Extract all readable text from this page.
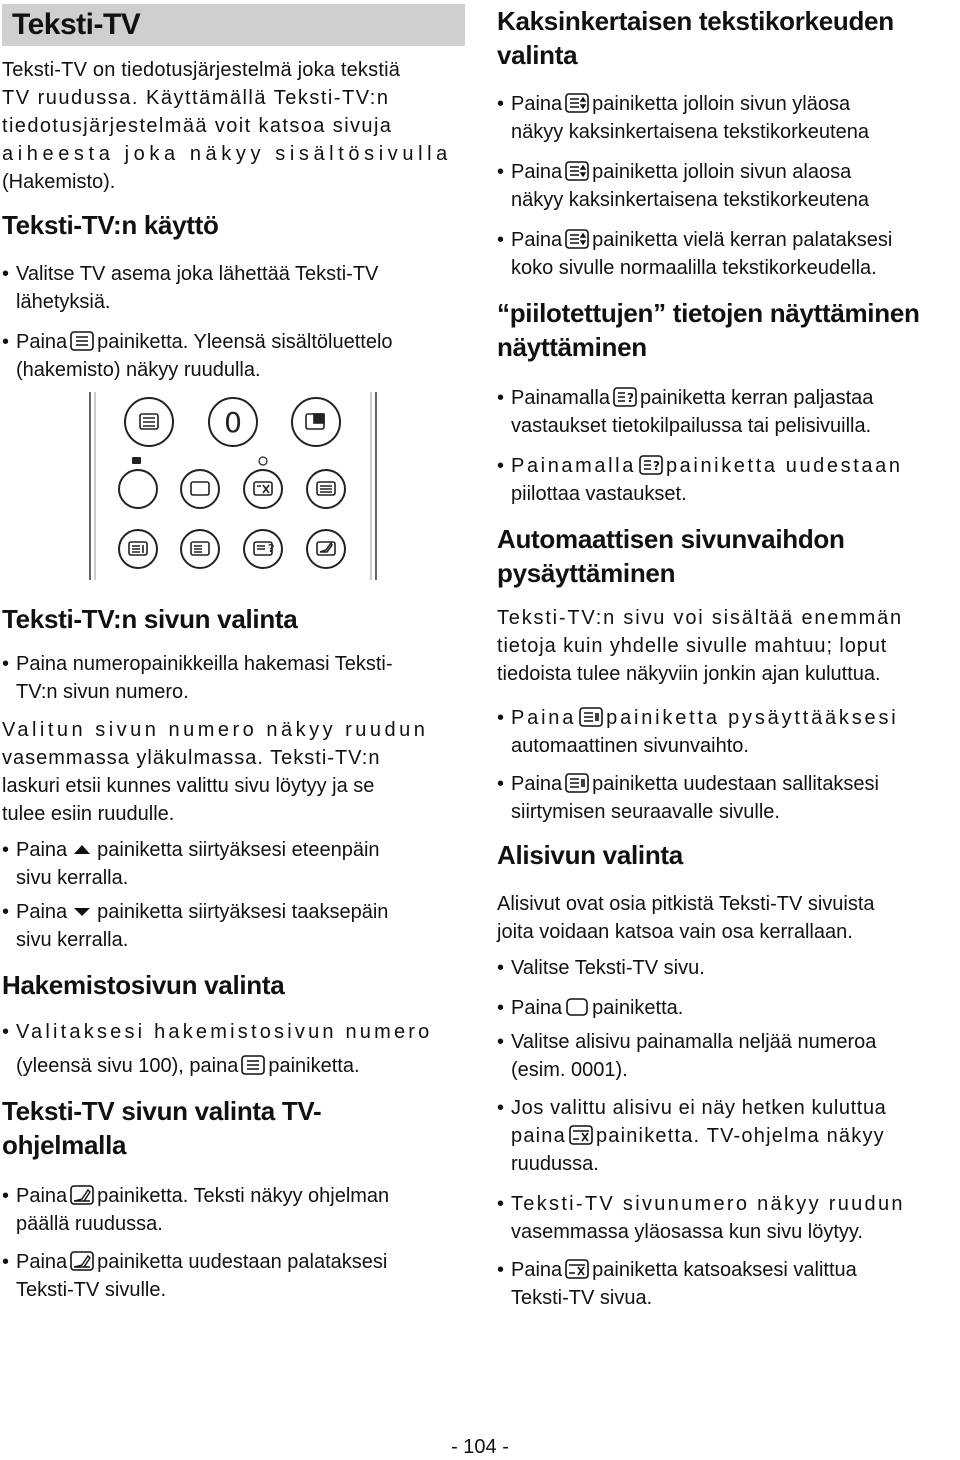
Teksti-TV

Teksti-TV on tiedotusjärjestelmä joka tekstiä

TV ruudussa. Käyttämällä Teksti-TV:n

tiedotusjärjestelmää voit katsoa sivuja

aiheesta joka näkyy sisältösivulla

(Hakemisto).

Teksti-TV:n käyttö
• Valitse TV asema joka lähettää Teksti-TV
lähetyksiä.
• Paina painiketta. Yleensä sisältöluettelo
(hakemisto) näkyy ruudulla.
0
?
Teksti-TV:n sivun valinta
• Paina numeropainikkeilla hakemasi Teksti-
TV:n sivun numero.

Valitun sivun numero näkyy ruudun

vasemmassa yläkulmassa. Teksti-TV:n

laskuri etsii kunnes valittu sivu löytyy ja se

tulee esiin ruudulle.

• Paina painiketta siirtyäksesi eteenpäin
sivu kerralla.
• Paina painiketta siirtyäksesi taaksepäin
sivu kerralla.
Hakemistosivun valinta
• Valitaksesi hakemistosivun numero
(yleensä sivu 100), paina painiketta.
Teksti-TV sivun valinta TV-
ohjelmalla
• Paina painiketta. Teksti näkyy ohjelman
päällä ruudussa.
• Paina painiketta uudestaan palataksesi
Teksti-TV sivulle.
Kaksinkertaisen tekstikorkeuden
valinta
• Paina painiketta jolloin sivun yläosa
näkyy kaksinkertaisena tekstikorkeutena
• Paina painiketta jolloin sivun alaosa
näkyy kaksinkertaisena tekstikorkeutena
• Paina painiketta vielä kerran palataksesi
koko sivulle normaalilla tekstikorkeudella.
“piilotettujen” tietojen näyttäminen
näyttäminen
• Painamalla painiketta kerran paljastaa
vastaukset tietokilpailussa tai pelisivuilla.
• Painamalla painiketta uudestaan
piilottaa vastaukset.
Automaattisen sivunvaihdon
pysäyttäminen

Teksti-TV:n sivu voi sisältää enemmän

tietoja kuin yhdelle sivulle mahtuu; loput

tiedoista tulee näkyviin jonkin ajan kuluttua.

• Paina painiketta pysäyttääksesi
automaattinen sivunvaihto.
• Paina painiketta uudestaan sallitaksesi
siirtymisen seuraavalle sivulle.
Alisivun valinta

Alisivut ovat osia pitkistä Teksti-TV sivuista

joita voidaan katsoa vain osa kerrallaan.

• Valitse Teksti-TV sivu.
• Paina painiketta.
• Valitse alisivu painamalla neljää numeroa
(esim. 0001).
• Jos valittu alisivu ei näy hetken kuluttua
paina painiketta. TV-ohjelma näkyy
ruudussa.
• Teksti-TV sivunumero näkyy ruudun
vasemmassa yläosassa kun sivu löytyy.
• Paina painiketta katsoaksesi valittua
Teksti-TV sivua.
- 104 -
